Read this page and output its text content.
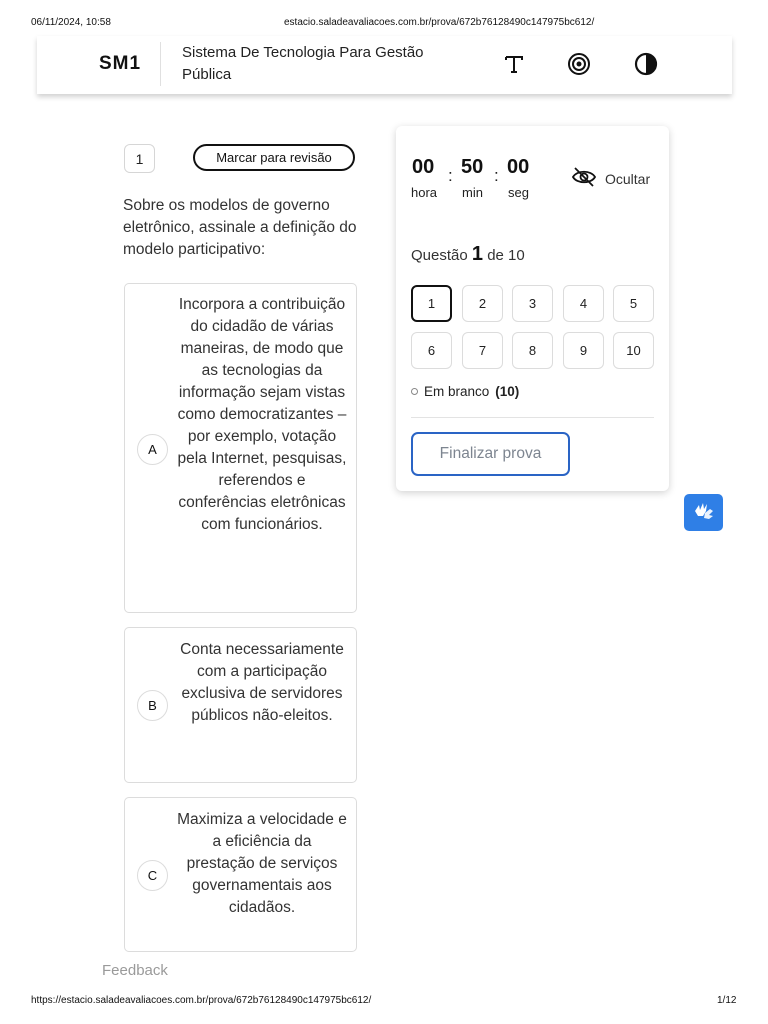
06/11/2024, 10:58	estacio.saladeavaliacoes.com.br/prova/672b76128490c147975bc612/
SM1
Sistema De Tecnologia Para Gestão Pública
1	Marcar para revisão
Sobre os modelos de governo eletrônico, assinale a definição do modelo participativo:
A
Incorpora a contribuição do cidadão de várias maneiras, de modo que as tecnologias da informação sejam vistas como democratizantes – por exemplo, votação pela Internet, pesquisas, referendos e conferências eletrônicas com funcionários.
B
Conta necessariamente com a participação exclusiva de servidores públicos não-eleitos.
C
Maximiza a velocidade e a eficiência da prestação de serviços governamentais aos cidadãos.
Feedback
00
hora
: 50
min
: 00
seg
Ocultar
Questão 1 de 10
1	2	3	4	5
6	7	8	9	10
Em branco (10)
Finalizar prova
https://estacio.saladeavaliacoes.com.br/prova/672b76128490c147975bc612/	1/12
